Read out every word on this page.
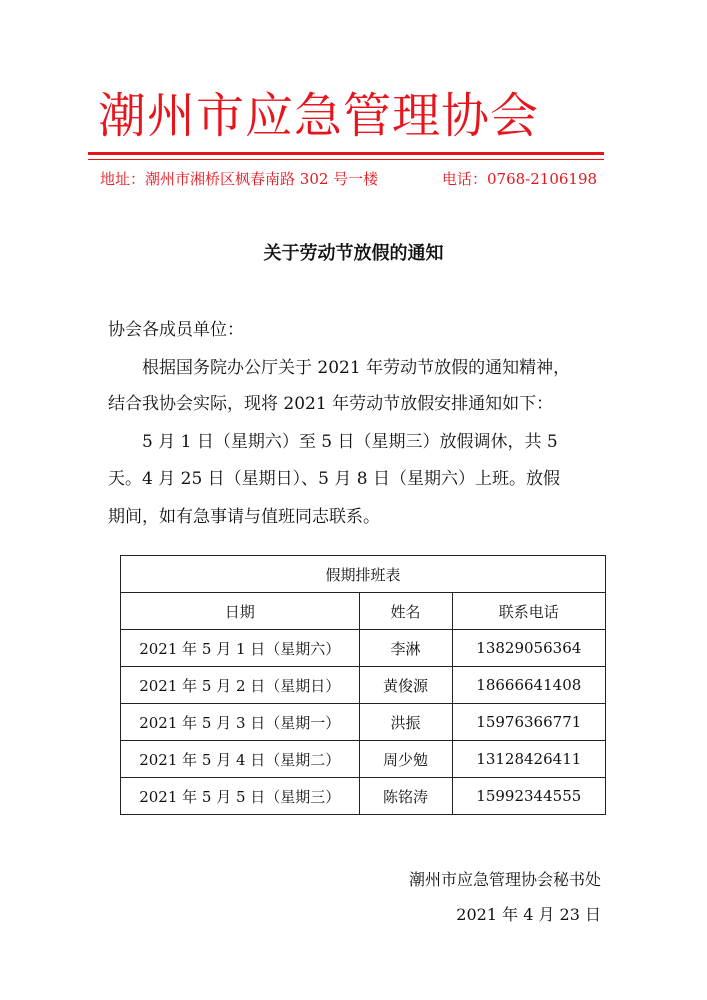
潮州市应急管理协会
地址：潮州市湘桥区枫春南路 302 号一楼	电话：0768-2106198
关于劳动节放假的通知
协会各成员单位：
　　根据国务院办公厅关于 2021 年劳动节放假的通知精神，
结合我协会实际，现将 2021 年劳动节放假安排通知如下：
　　5 月 1 日（星期六）至 5 日（星期三）放假调休，共 5
天。4 月 25 日（星期日）、5 月 8 日（星期六）上班。放假
期间，如有急事请与值班同志联系。
假期排班表		
日期	姓名	联系电话
2021 年 5 月 1 日（星期六）	李淋	13829056364
2021 年 5 月 2 日（星期日）	黄俊源	18666641408
2021 年 5 月 3 日（星期一）	洪振	15976366771
2021 年 5 月 4 日（星期二）	周少勉	13128426411
2021 年 5 月 5 日（星期三）	陈铭涛	15992344555
潮州市应急管理协会秘书处
2021 年 4 月 23 日
